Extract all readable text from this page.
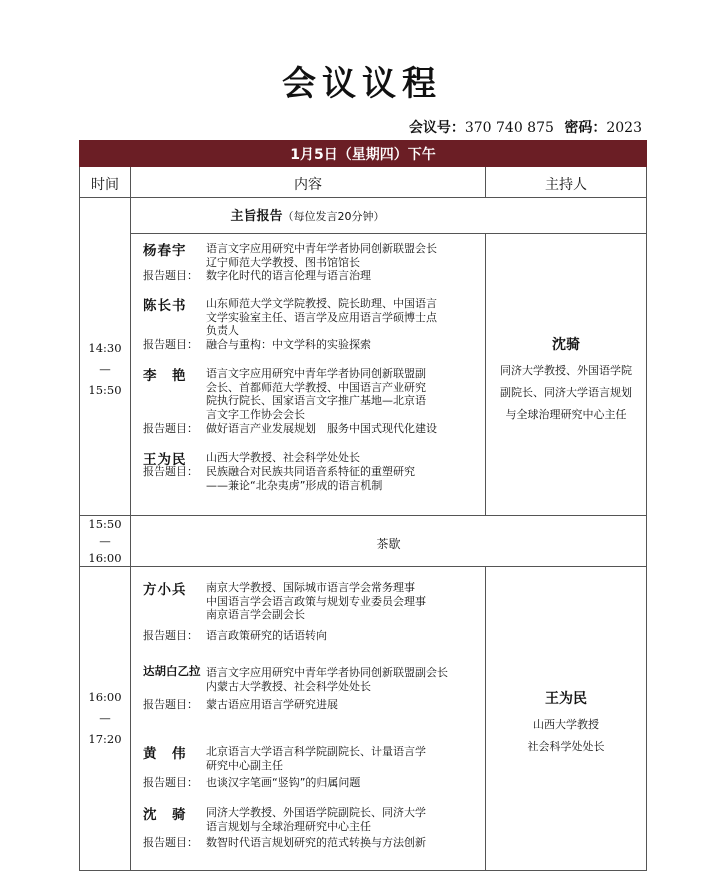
会议议程
会议号：370 740 875 密码：2023
1月5日（星期四）下午
时间	内容	主持人
14:30
—
15:50
主旨报告（每位发言20分钟）
杨春宇 语言文字应用研究中青年学者协同创新联盟会长
辽宁师范大学教授、图书馆馆长
报告题目： 数字化时代的语言伦理与语言治理
陈长书 山东师范大学文学院教授、院长助理、中国语言
文学实验室主任、语言学及应用语言学硕博士点
负责人
报告题目： 融合与重构：中文学科的实验探索
李　艳 语言文字应用研究中青年学者协同创新联盟副
会长、首都师范大学教授、中国语言产业研究
院执行院长、国家语言文字推广基地—北京语
言文字工作协会会长
报告题目： 做好语言产业发展规划　服务中国式现代化建设
王为民 山西大学教授、社会科学处处长
报告题目： 民族融合对民族共同语音系特征的重塑研究
——兼论“北杂夷虏”形成的语言机制
沈骑
同济大学教授、外国语学院
副院长、同济大学语言规划
与全球治理研究中心主任
15:50
—
16:00
茶歇
16:00
—
17:20
方小兵 南京大学教授、国际城市语言学会常务理事
中国语言学会语言政策与规划专业委员会理事
南京语言学会副会长
报告题目： 语言政策研究的话语转向
达胡白乙拉 语言文字应用研究中青年学者协同创新联盟副会长
内蒙古大学教授、社会科学处处长
报告题目： 蒙古语应用语言学研究进展
黄　伟 北京语言大学语言科学院副院长、计量语言学
研究中心副主任
报告题目： 也谈汉字笔画“竖钩”的归属问题
沈　骑 同济大学教授、外国语学院副院长、同济大学
语言规划与全球治理研究中心主任
报告题目： 数智时代语言规划研究的范式转换与方法创新
王为民
山西大学教授
社会科学处处长
